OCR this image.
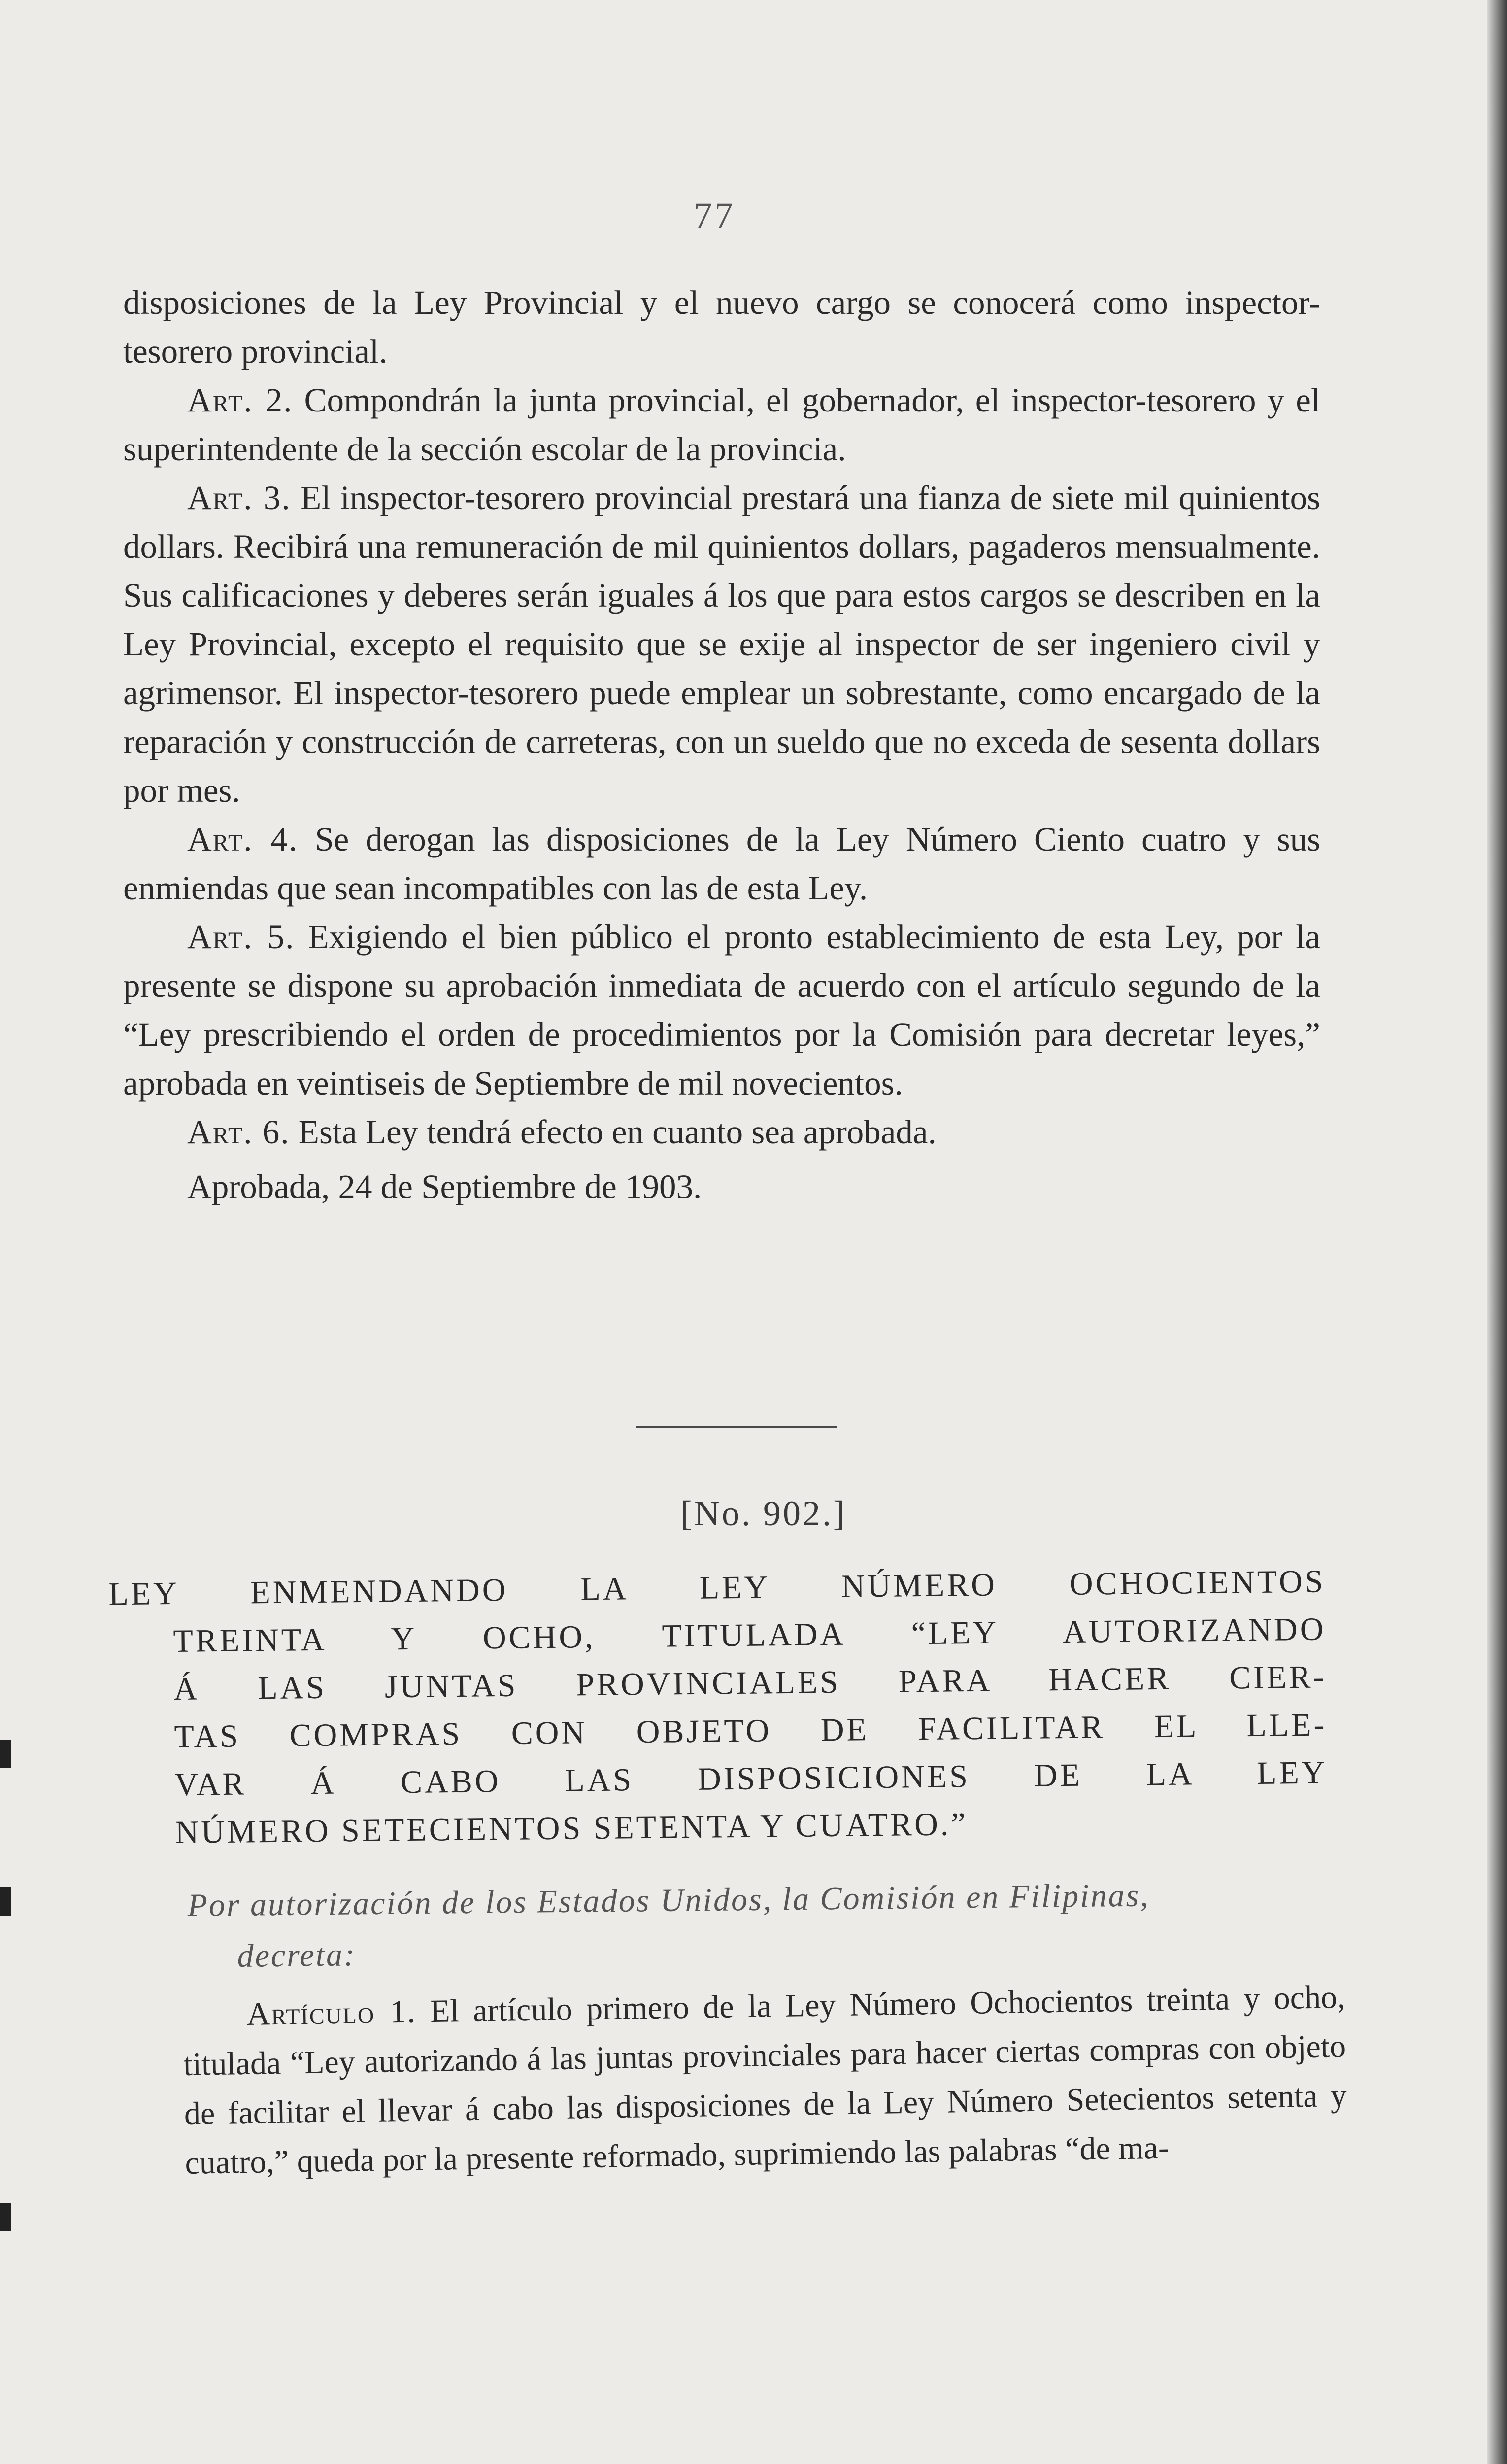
77

disposiciones de la Ley Provincial y el nuevo cargo se conocerá como inspector-tesorero provincial.

Art. 2. Compondrán la junta provincial, el gobernador, el inspector-tesorero y el superintendente de la sección escolar de la provincia.

Art. 3. El inspector-tesorero provincial prestará una fianza de siete mil quinientos dollars. Recibirá una remuneración de mil quinientos dollars, pagaderos mensualmente. Sus calificaciones y deberes serán iguales á los que para estos cargos se describen en la Ley Provincial, excepto el requisito que se exije al inspector de ser ingeniero civil y agrimensor. El inspector-tesorero puede emplear un sobrestante, como encargado de la reparación y construcción de carreteras, con un sueldo que no exceda de sesenta dollars por mes.

Art. 4. Se derogan las disposiciones de la Ley Número Ciento cuatro y sus enmiendas que sean incompatibles con las de esta Ley.

Art. 5. Exigiendo el bien público el pronto establecimiento de esta Ley, por la presente se dispone su aprobación inmediata de acuerdo con el artículo segundo de la “Ley prescribiendo el orden de procedimientos por la Comisión para decretar leyes,” aprobada en veintiseis de Septiembre de mil novecientos.

Art. 6. Esta Ley tendrá efecto en cuanto sea aprobada.

Aprobada, 24 de Septiembre de 1903.

[No. 902.]
LEY ENMENDANDO LA LEY NÚMERO OCHOCIENTOS
TREINTA Y OCHO, TITULADA “LEY AUTORIZANDO
Á LAS JUNTAS PROVINCIALES PARA HACER CIER-
TAS COMPRAS CON OBJETO DE FACILITAR EL LLE-
VAR Á CABO LAS DISPOSICIONES DE LA LEY
NÚMERO SETECIENTOS SETENTA Y CUATRO.”
Por autorización de los Estados Unidos, la Comisión en Filipinas,
decreta:

Artículo 1. El artículo primero de la Ley Número Ochocientos treinta y ocho, titulada “Ley autorizando á las juntas provinciales para hacer ciertas compras con objeto de facilitar el llevar á cabo las disposiciones de la Ley Número Setecientos setenta y cuatro,” queda por la presente reformado, suprimiendo las palabras “de ma-
